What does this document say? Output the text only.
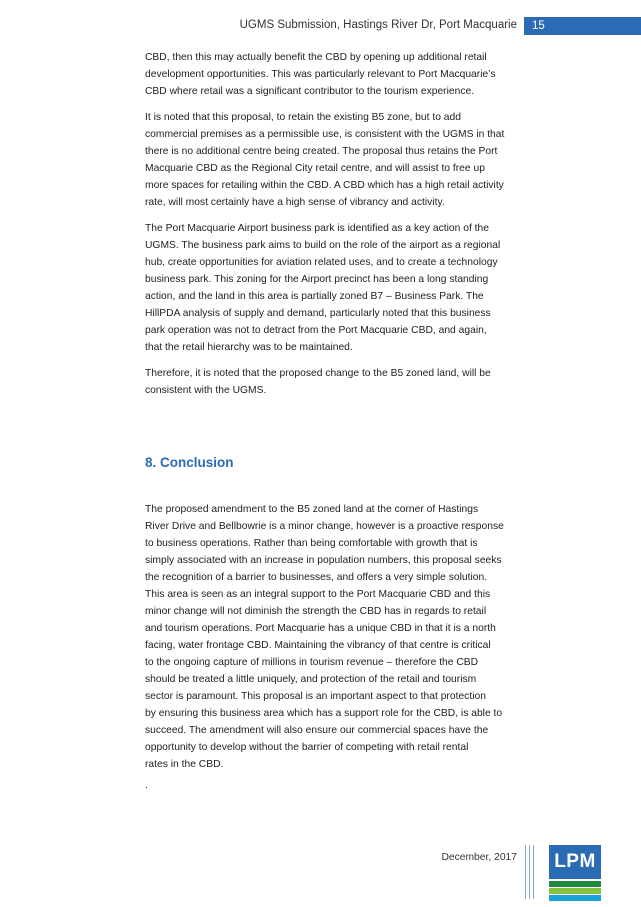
UGMS Submission, Hastings River Dr, Port Macquarie	15
CBD, then this may actually benefit the CBD by opening up additional retail
development opportunities. This was particularly relevant to Port Macquarie’s
CBD where retail was a significant contributor to the tourism experience.
It is noted that this proposal, to retain the existing B5 zone, but to add
commercial premises as a permissible use, is consistent with the UGMS in that
there is no additional centre being created. The proposal thus retains the Port
Macquarie CBD as the Regional City retail centre, and will assist to free up
more spaces for retailing within the CBD. A CBD which has a high retail activity
rate, will most certainly have a high sense of vibrancy and activity.
The Port Macquarie Airport business park is identified as a key action of the
UGMS. The business park aims to build on the role of the airport as a regional
hub, create opportunities for aviation related uses, and to create a technology
business park. This zoning for the Airport precinct has been a long standing
action, and the land in this area is partially zoned B7 – Business Park. The
HillPDA analysis of supply and demand, particularly noted that this business
park operation was not to detract from the Port Macquarie CBD, and again,
that the retail hierarchy was to be maintained.
Therefore, it is noted that the proposed change to the B5 zoned land, will be
consistent with the UGMS.
8. Conclusion
The proposed amendment to the B5 zoned land at the corner of Hastings
River Drive and Bellbowrie is a minor change, however is a proactive response
to business operations. Rather than being comfortable with growth that is
simply associated with an increase in population numbers, this proposal seeks
the recognition of a barrier to businesses, and offers a very simple solution.
This area is seen as an integral support to the Port Macquarie CBD and this
minor change will not diminish the strength the CBD has in regards to retail
and tourism operations. Port Macquarie has a unique CBD in that it is a north
facing, water frontage CBD. Maintaining the vibrancy of that centre is critical
to the ongoing capture of millions in tourism revenue – therefore the CBD
should be treated a little uniquely, and protection of the retail and tourism
sector is paramount. This proposal is an important aspect to that protection
by ensuring this business area which has a support role for the CBD, is able to
succeed. The amendment will also ensure our commercial spaces have the
opportunity to develop without the barrier of competing with retail rental
rates in the CBD.
.
December, 2017 LPM
